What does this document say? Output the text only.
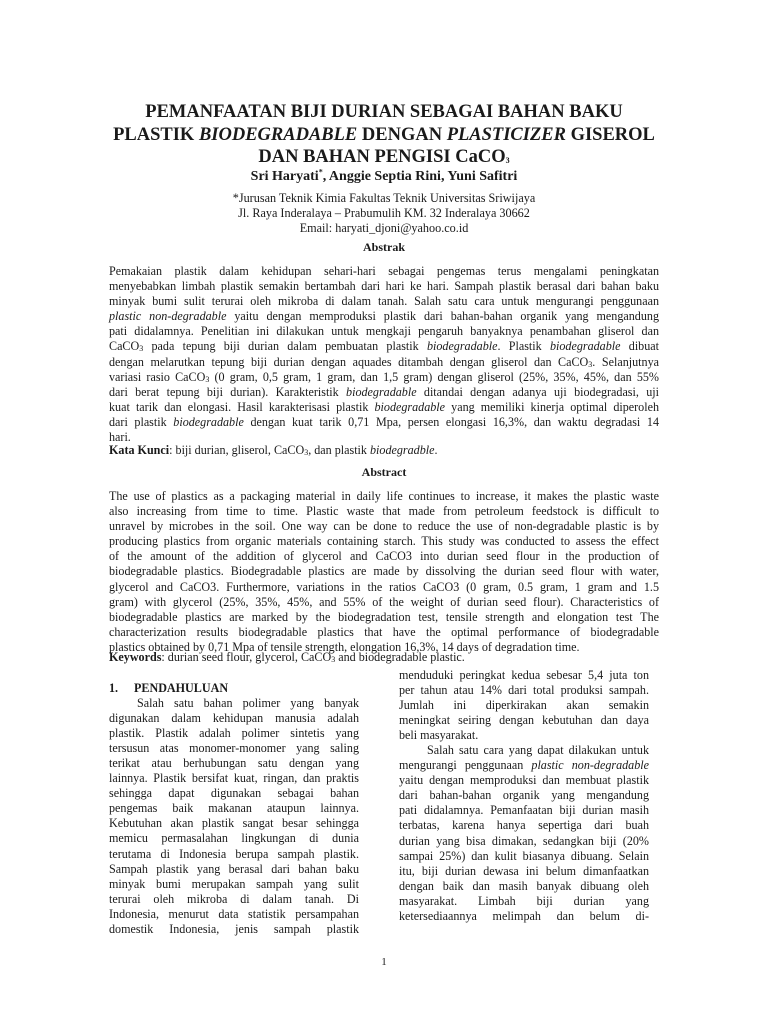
PEMANFAATAN BIJI DURIAN SEBAGAI BAHAN BAKU
PLASTIK BIODEGRADABLE DENGAN PLASTICIZER GISEROL
DAN BAHAN PENGISI CaCO$_3$
Sri Haryati*, Anggie Septia Rini, Yuni Safitri
*Jurusan Teknik Kimia Fakultas Teknik Universitas Sriwijaya
Jl. Raya Inderalaya – Prabumulih KM. 32 Inderalaya 30662
Email: haryati_djoni@yahoo.co.id
Abstrak
Pemakaian plastik dalam kehidupan sehari-hari sebagai pengemas terus mengalami peningkatan
menyebabkan limbah plastik semakin bertambah dari hari ke hari. Sampah plastik berasal dari bahan baku
minyak bumi sulit terurai oleh mikroba di dalam tanah. Salah satu cara untuk mengurangi penggunaan
plastic non-degradable yaitu dengan memproduksi plastik dari bahan-bahan organik yang mengandung
pati didalamnya. Penelitian ini dilakukan untuk mengkaji pengaruh banyaknya penambahan gliserol dan
CaCO$_3$ pada tepung biji durian dalam pembuatan plastik biodegradable. Plastik biodegradable dibuat
dengan melarutkan tepung biji durian dengan aquades ditambah dengan gliserol dan CaCO$_3$. Selanjutnya
variasi rasio CaCO$_3$ (0 gram, 0,5 gram, 1 gram, dan 1,5 gram) dengan gliserol (25%, 35%, 45%, dan 55%
dari berat tepung biji durian). Karakteristik biodegradable ditandai dengan adanya uji biodegradasi, uji
kuat tarik dan elongasi. Hasil karakterisasi plastik biodegradable yang memiliki kinerja optimal diperoleh
dari plastik biodegradable dengan kuat tarik 0,71 Mpa, persen elongasi 16,3%, dan waktu degradasi 14
hari.
Kata Kunci: biji durian, gliserol, CaCO$_3$, dan plastik biodegradble.
Abstract
The use of plastics as a packaging material in daily life continues to increase, it makes the plastic waste
also increasing from time to time. Plastic waste that made from petroleum feedstock is difficult to
unravel by microbes in the soil. One way can be done to reduce the use of non-degradable plastic is by
producing plastics from organic materials containing starch. This study was conducted to assess the effect
of the amount of the addition of glycerol and CaCO3 into durian seed flour in the production of
biodegradable plastics. Biodegradable plastics are made by dissolving the durian seed flour with water,
glycerol and CaCO3. Furthermore, variations in the ratios CaCO3 (0 gram, 0.5 gram, 1 gram and 1.5
gram) with glycerol (25%, 35%, 45%, and 55% of the weight of durian seed flour). Characteristics of
biodegradable plastics are marked by the biodegradation test, tensile strength and elongation test The
characterization results biodegradable plastics that have the optimal performance of biodegradable
plastics obtained by 0,71 Mpa of tensile strength, elongation 16,3%, 14 days of degradation time.
Keywords: durian seed flour, glycerol, CaCO$_3$ and biodegradable plastic.
1. PENDAHULUAN
Salah satu bahan polimer yang banyak
digunakan dalam kehidupan manusia adalah
plastik. Plastik adalah polimer sintetis yang
tersusun atas monomer-monomer yang saling
terikat atau berhubungan satu dengan yang
lainnya. Plastik bersifat kuat, ringan, dan praktis
sehingga dapat digunakan sebagai bahan
pengemas baik makanan ataupun lainnya.
Kebutuhan akan plastik sangat besar sehingga
memicu permasalahan lingkungan di dunia
terutama di Indonesia berupa sampah plastik.
Sampah plastik yang berasal dari bahan baku
minyak bumi merupakan sampah yang sulit
terurai oleh mikroba di dalam tanah. Di
Indonesia, menurut data statistik persampahan
domestik Indonesia, jenis sampah plastik
menduduki peringkat kedua sebesar 5,4 juta ton
per tahun atau 14% dari total produksi sampah.
Jumlah ini diperkirakan akan semakin
meningkat seiring dengan kebutuhan dan daya
beli masyarakat.
Salah satu cara yang dapat dilakukan untuk
mengurangi penggunaan plastic non-degradable
yaitu dengan memproduksi dan membuat plastik
dari bahan-bahan organik yang mengandung
pati didalamnya. Pemanfaatan biji durian masih
terbatas, karena hanya sepertiga dari buah
durian yang bisa dimakan, sedangkan biji (20%
sampai 25%) dan kulit biasanya dibuang. Selain
itu, biji durian dewasa ini belum dimanfaatkan
dengan baik dan masih banyak dibuang oleh
masyarakat. Limbah biji durian yang
ketersediaannya melimpah dan belum di-
1
